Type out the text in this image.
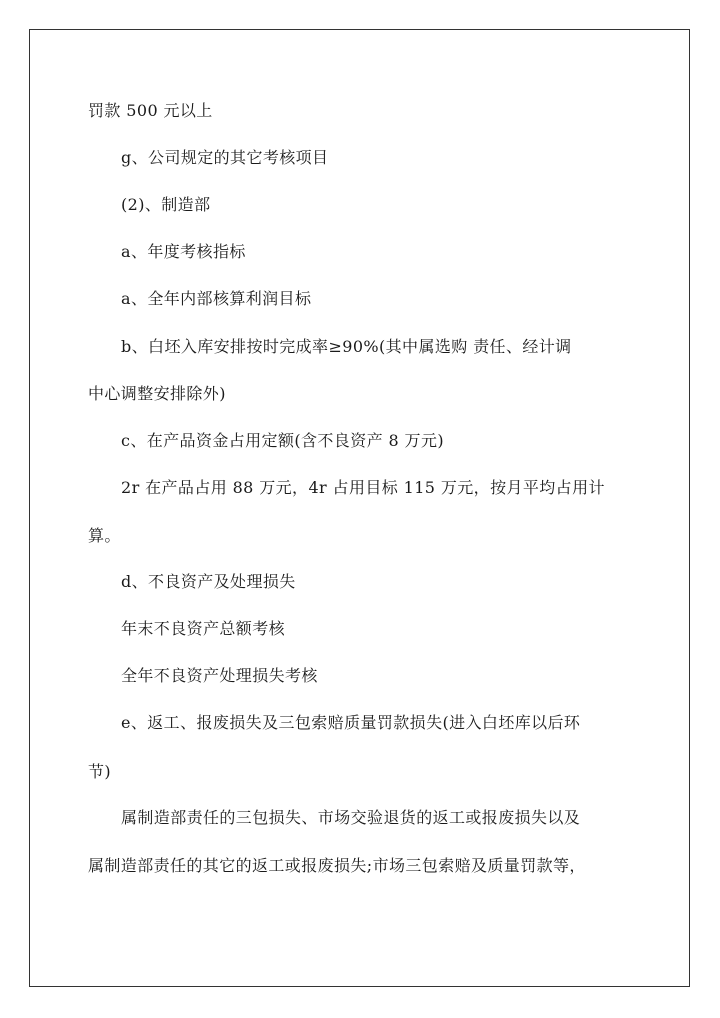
罚款 500 元以上
g、公司规定的其它考核项目
(2)、制造部
a、年度考核指标
a、全年内部核算利润目标
b、白坯入库安排按时完成率≥90%(其中属选购 责任、经计调
中心调整安排除外)
c、在产品资金占用定额(含不良资产 8 万元)
2r 在产品占用 88 万元，4r 占用目标 115 万元，按月平均占用计
算。
d、不良资产及处理损失
年末不良资产总额考核
全年不良资产处理损失考核
e、返工、报废损失及三包索赔质量罚款损失(进入白坯库以后环
节)
属制造部责任的三包损失、市场交验退货的返工或报废损失以及
属制造部责任的其它的返工或报废损失;市场三包索赔及质量罚款等，
